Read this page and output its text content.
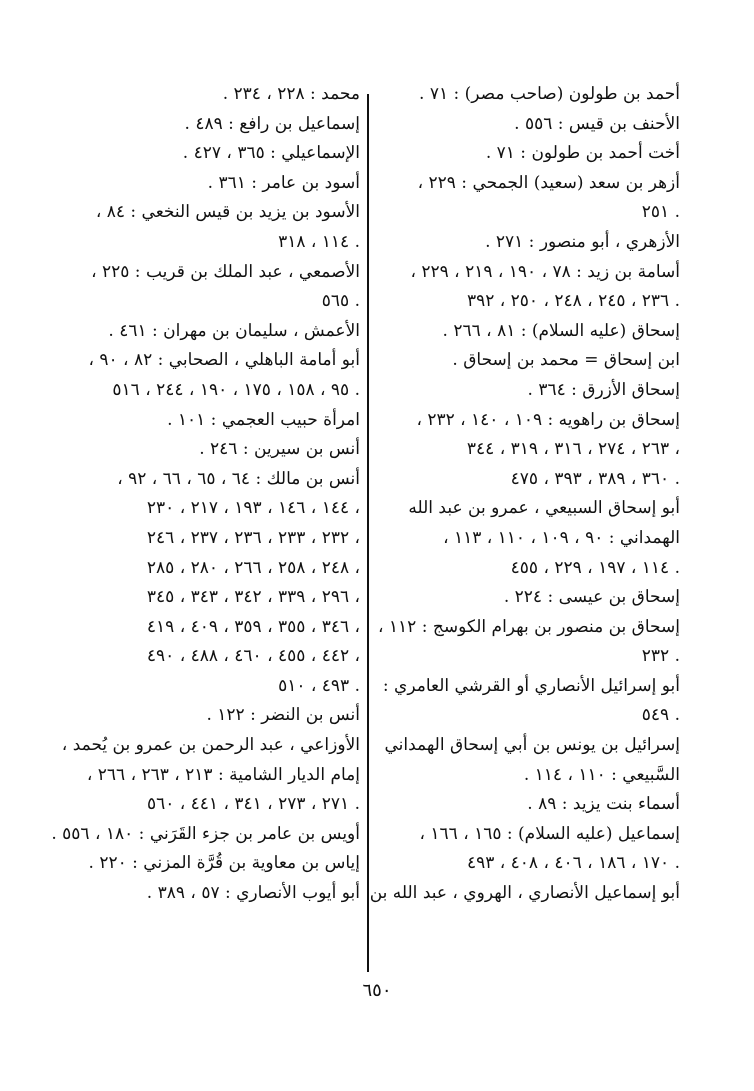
أحمد بن طولون (صاحب مصر) : ٧١ .
الأحنف بن قيس : ٥٥٦ .
أخت أحمد بن طولون : ٧١ .
أزهر بن سعد (سعيد) الجمحي : ٢٢٩ ،
٢٥١ .
الأزهري ، أبو منصور : ٢٧١ .
أسامة بن زيد : ٧٨ ، ١٩٠ ، ٢١٩ ، ٢٢٩ ،
٢٣٦ ، ٢٤٥ ، ٢٤٨ ، ٢٥٠ ، ٣٩٢ .
إسحاق (عليه السلام) : ٨١ ، ٢٦٦ .
ابن إسحاق = محمد بن إسحاق .
إسحاق الأزرق : ٣٦٤ .
إسحاق بن راهويه : ١٠٩ ، ١٤٠ ، ٢٣٢ ،
٢٦٣ ، ٢٧٤ ، ٣١٦ ، ٣١٩ ، ٣٤٤ ،
٣٦٠ ، ٣٨٩ ، ٣٩٣ ، ٤٧٥ .
أبو إسحاق السبيعي ، عمرو بن عبد الله
الهمداني : ٩٠ ، ١٠٩ ، ١١٠ ، ١١٣ ،
١١٤ ، ١٩٧ ، ٢٢٩ ، ٤٥٥ .
إسحاق بن عيسى : ٢٢٤ .
إسحاق بن منصور بن بهرام الكوسج : ١١٢ ،
٢٣٢ .
أبو إسرائيل الأنصاري أو القرشي العامري :
٥٤٩ .
إسرائيل بن يونس بن أبي إسحاق الهمداني
السَّبيعي : ١١٠ ، ١١٤ .
أسماء بنت يزيد : ٨٩ .
إسماعيل (عليه السلام) : ١٦٥ ، ١٦٦ ،
١٧٠ ، ١٨٦ ، ٤٠٦ ، ٤٠٨ ، ٤٩٣ .
أبو إسماعيل الأنصاري ، الهروي ، عبد الله بن
محمد : ٢٢٨ ، ٢٣٤ .
إسماعيل بن رافع : ٤٨٩ .
الإسماعيلي : ٣٦٥ ، ٤٢٧ .
أسود بن عامر : ٣٦١ .
الأسود بن يزيد بن قيس النخعي : ٨٤ ،
١١٤ ، ٣١٨ .
الأصمعي ، عبد الملك بن قريب : ٢٢٥ ،
٥٦٥ .
الأعمش ، سليمان بن مهران : ٤٦١ .
أبو أمامة الباهلي ، الصحابي : ٨٢ ، ٩٠ ،
٩٥ ، ١٥٨ ، ١٧٥ ، ١٩٠ ، ٢٤٤ ، ٥١٦ .
امرأة حبيب العجمي : ١٠١ .
أنس بن سيرين : ٢٤٦ .
أنس بن مالك : ٦٤ ، ٦٥ ، ٦٦ ، ٩٢ ،
١٤٤ ، ١٤٦ ، ١٩٣ ، ٢١٧ ، ٢٣٠ ،
٢٣٢ ، ٢٣٣ ، ٢٣٦ ، ٢٣٧ ، ٢٤٦ ،
٢٤٨ ، ٢٥٨ ، ٢٦٦ ، ٢٨٠ ، ٢٨٥ ،
٢٩٦ ، ٣٣٩ ، ٣٤٢ ، ٣٤٣ ، ٣٤٥ ،
٣٤٦ ، ٣٥٥ ، ٣٥٩ ، ٤٠٩ ، ٤١٩ ،
٤٤٢ ، ٤٥٥ ، ٤٦٠ ، ٤٨٨ ، ٤٩٠ ،
٤٩٣ ، ٥١٠ .
أنس بن النضر : ١٢٢ .
الأوزاعي ، عبد الرحمن بن عمرو بن يُحمد ،
إمام الديار الشامية : ٢١٣ ، ٢٦٣ ، ٢٦٦ ،
٢٧١ ، ٢٧٣ ، ٣٤١ ، ٤٤١ ، ٥٦٠ .
أويس بن عامر بن جزء القَرَني : ١٨٠ ، ٥٥٦ .
إياس بن معاوية بن قُرَّة المزني : ٢٢٠ .
أبو أيوب الأنصاري : ٥٧ ، ٣٨٩ .
٦٥٠
